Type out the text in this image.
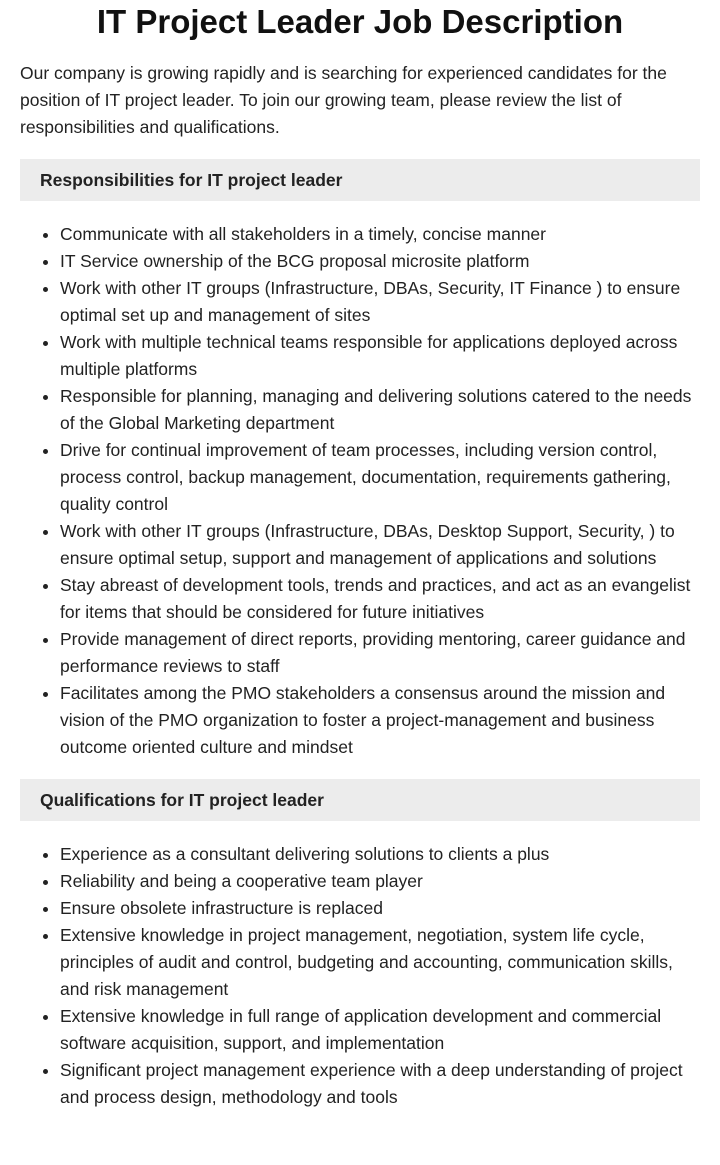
IT Project Leader Job Description

Our company is growing rapidly and is searching for experienced candidates for the position of IT project leader. To join our growing team, please review the list of responsibilities and qualifications.

Responsibilities for IT project leader
• Communicate with all stakeholders in a timely, concise manner
• IT Service ownership of the BCG proposal microsite platform
• Work with other IT groups (Infrastructure, DBAs, Security, IT Finance ) to ensure optimal set up and management of sites
• Work with multiple technical teams responsible for applications deployed across multiple platforms
• Responsible for planning, managing and delivering solutions catered to the needs of the Global Marketing department
• Drive for continual improvement of team processes, including version control, process control, backup management, documentation, requirements gathering, quality control
• Work with other IT groups (Infrastructure, DBAs, Desktop Support, Security, ) to ensure optimal setup, support and management of applications and solutions
• Stay abreast of development tools, trends and practices, and act as an evangelist for items that should be considered for future initiatives
• Provide management of direct reports, providing mentoring, career guidance and performance reviews to staff
• Facilitates among the PMO stakeholders a consensus around the mission and vision of the PMO organization to foster a project-management and business outcome oriented culture and mindset
Qualifications for IT project leader
• Experience as a consultant delivering solutions to clients a plus
• Reliability and being a cooperative team player
• Ensure obsolete infrastructure is replaced
• Extensive knowledge in project management, negotiation, system life cycle, principles of audit and control, budgeting and accounting, communication skills, and risk management
• Extensive knowledge in full range of application development and commercial software acquisition, support, and implementation
• Significant project management experience with a deep understanding of project and process design, methodology and tools
